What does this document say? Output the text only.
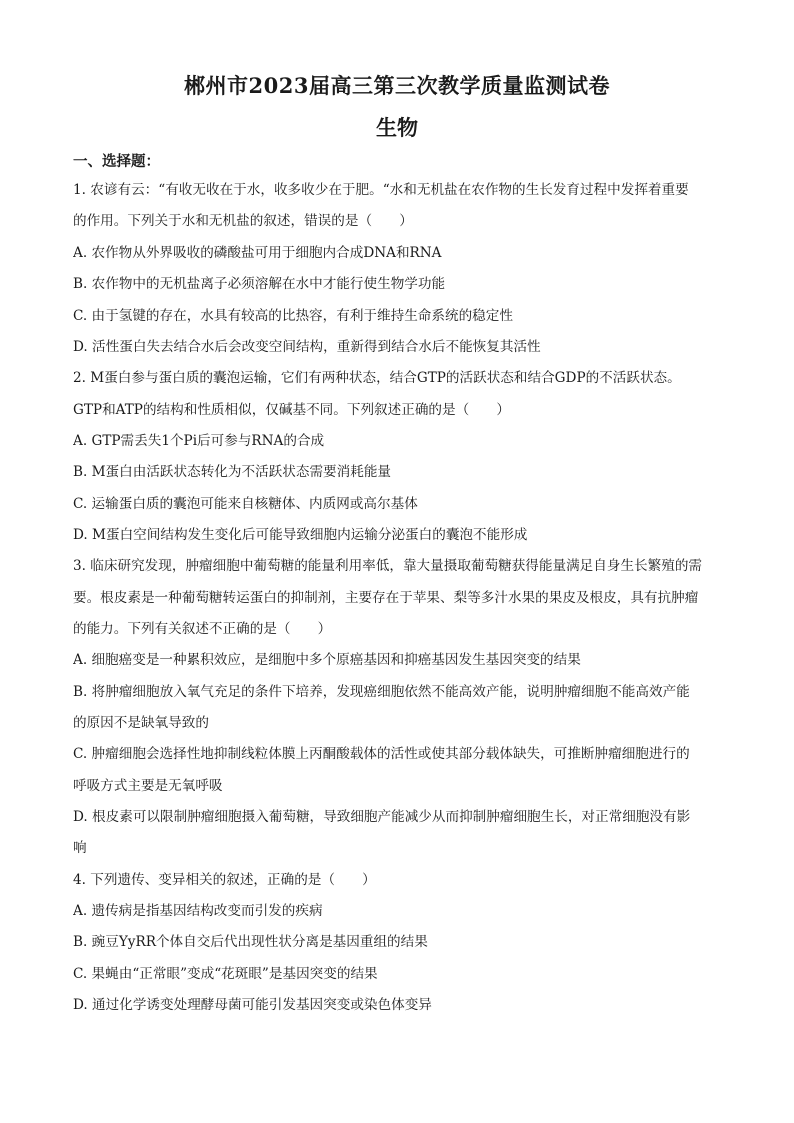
郴州市2023届高三第三次教学质量监测试卷
生物
一、选择题：
1. 农谚有云：“有收无收在于水，收多收少在于肥。“水和无机盐在农作物的生长发育过程中发挥着重要
的作用。下列关于水和无机盐的叙述，错误的是（　　）
A. 农作物从外界吸收的磷酸盐可用于细胞内合成DNA和RNA
B. 农作物中的无机盐离子必须溶解在水中才能行使生物学功能
C. 由于氢键的存在，水具有较高的比热容，有利于维持生命系统的稳定性
D. 活性蛋白失去结合水后会改变空间结构，重新得到结合水后不能恢复其活性
2. M蛋白参与蛋白质的囊泡运输，它们有两种状态，结合GTP的活跃状态和结合GDP的不活跃状态。
GTP和ATP的结构和性质相似，仅碱基不同。下列叙述正确的是（　　）
A. GTP需丢失1个Pi后可参与RNA的合成
B. M蛋白由活跃状态转化为不活跃状态需要消耗能量
C. 运输蛋白质的囊泡可能来自核糖体、内质网或高尔基体
D. M蛋白空间结构发生变化后可能导致细胞内运输分泌蛋白的囊泡不能形成
3. 临床研究发现，肿瘤细胞中葡萄糖的能量利用率低，靠大量摄取葡萄糖获得能量满足自身生长繁殖的需
要。根皮素是一种葡萄糖转运蛋白的抑制剂，主要存在于苹果、梨等多汁水果的果皮及根皮，具有抗肿瘤
的能力。下列有关叙述不正确的是（　　）
A. 细胞癌变是一种累积效应，是细胞中多个原癌基因和抑癌基因发生基因突变的结果
B. 将肿瘤细胞放入氧气充足的条件下培养，发现癌细胞依然不能高效产能，说明肿瘤细胞不能高效产能
的原因不是缺氧导致的
C. 肿瘤细胞会选择性地抑制线粒体膜上丙酮酸载体的活性或使其部分载体缺失，可推断肿瘤细胞进行的
呼吸方式主要是无氧呼吸
D. 根皮素可以限制肿瘤细胞摄入葡萄糖，导致细胞产能减少从而抑制肿瘤细胞生长，对正常细胞没有影
响
4. 下列遗传、变异相关的叙述，正确的是（　　）
A. 遗传病是指基因结构改变而引发的疾病
B. 豌豆YyRR个体自交后代出现性状分离是基因重组的结果
C. 果蝇由“正常眼”变成“花斑眼”是基因突变的结果
D. 通过化学诱变处理酵母菌可能引发基因突变或染色体变异
